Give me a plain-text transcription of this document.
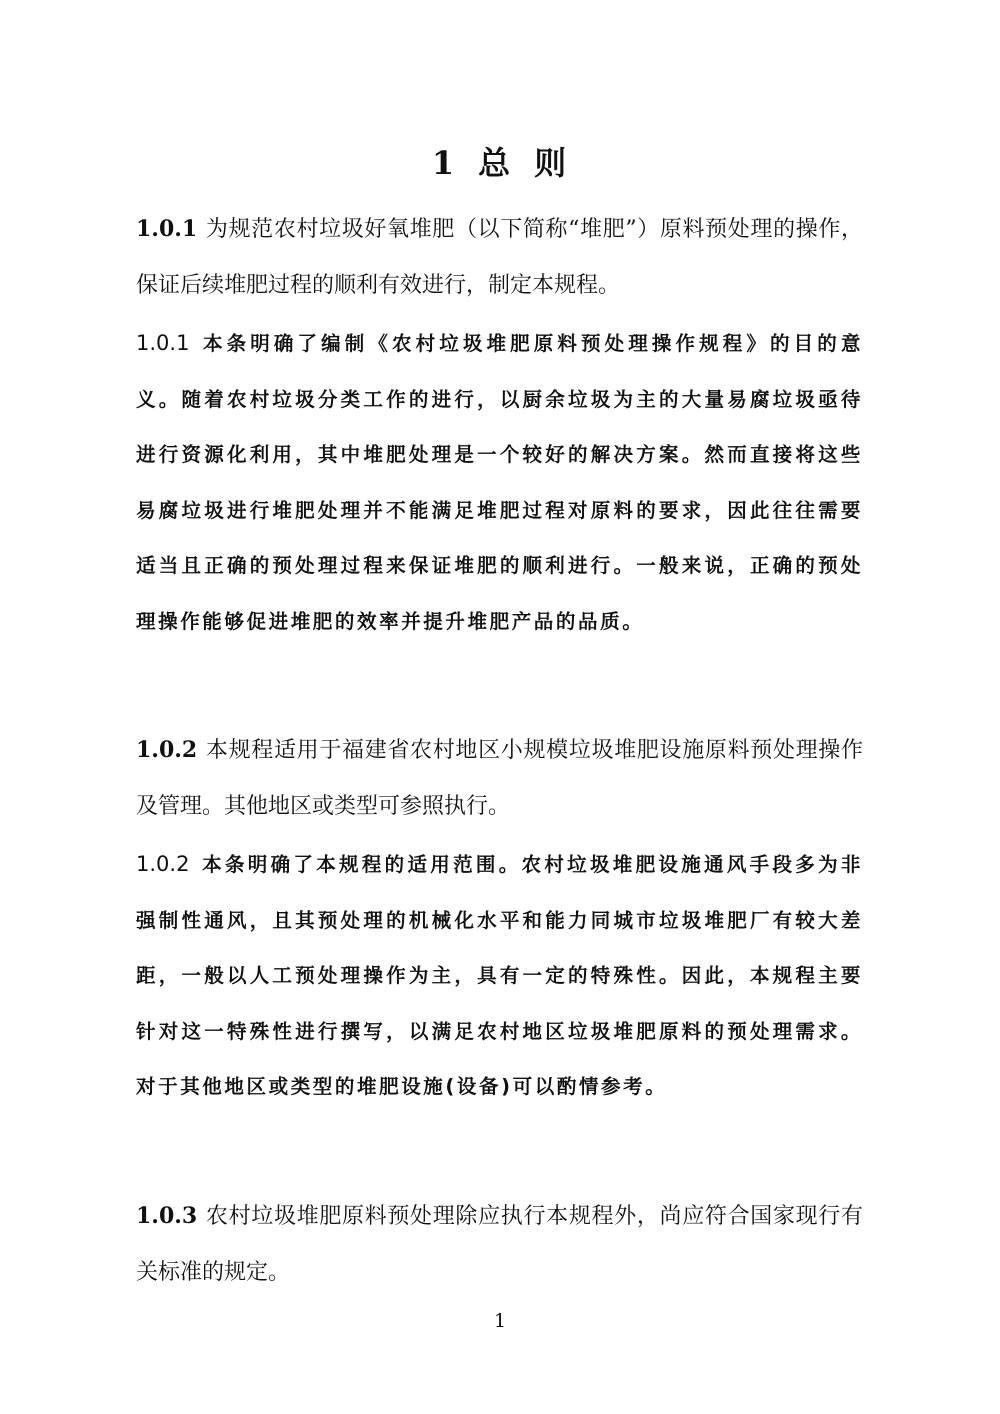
1 总 则

1.0.1 为规范农村垃圾好氧堆肥（以下简称“堆肥”）原料预处理的操作，保证后续堆肥过程的顺利有效进行，制定本规程。

1.0.1 本条明确了编制《农村垃圾堆肥原料预处理操作规程》的目的意义。随着农村垃圾分类工作的进行，以厨余垃圾为主的大量易腐垃圾亟待进行资源化利用，其中堆肥处理是一个较好的解决方案。然而直接将这些易腐垃圾进行堆肥处理并不能满足堆肥过程对原料的要求，因此往往需要适当且正确的预处理过程来保证堆肥的顺利进行。一般来说，正确的预处理操作能够促进堆肥的效率并提升堆肥产品的品质。

1.0.2 本规程适用于福建省农村地区小规模垃圾堆肥设施原料预处理操作及管理。其他地区或类型可参照执行。

1.0.2 本条明确了本规程的适用范围。农村垃圾堆肥设施通风手段多为非强制性通风，且其预处理的机械化水平和能力同城市垃圾堆肥厂有较大差距，一般以人工预处理操作为主，具有一定的特殊性。因此，本规程主要针对这一特殊性进行撰写，以满足农村地区垃圾堆肥原料的预处理需求。对于其他地区或类型的堆肥设施(设备)可以酌情参考。

1.0.3 农村垃圾堆肥原料预处理除应执行本规程外，尚应符合国家现行有关标准的规定。

1
